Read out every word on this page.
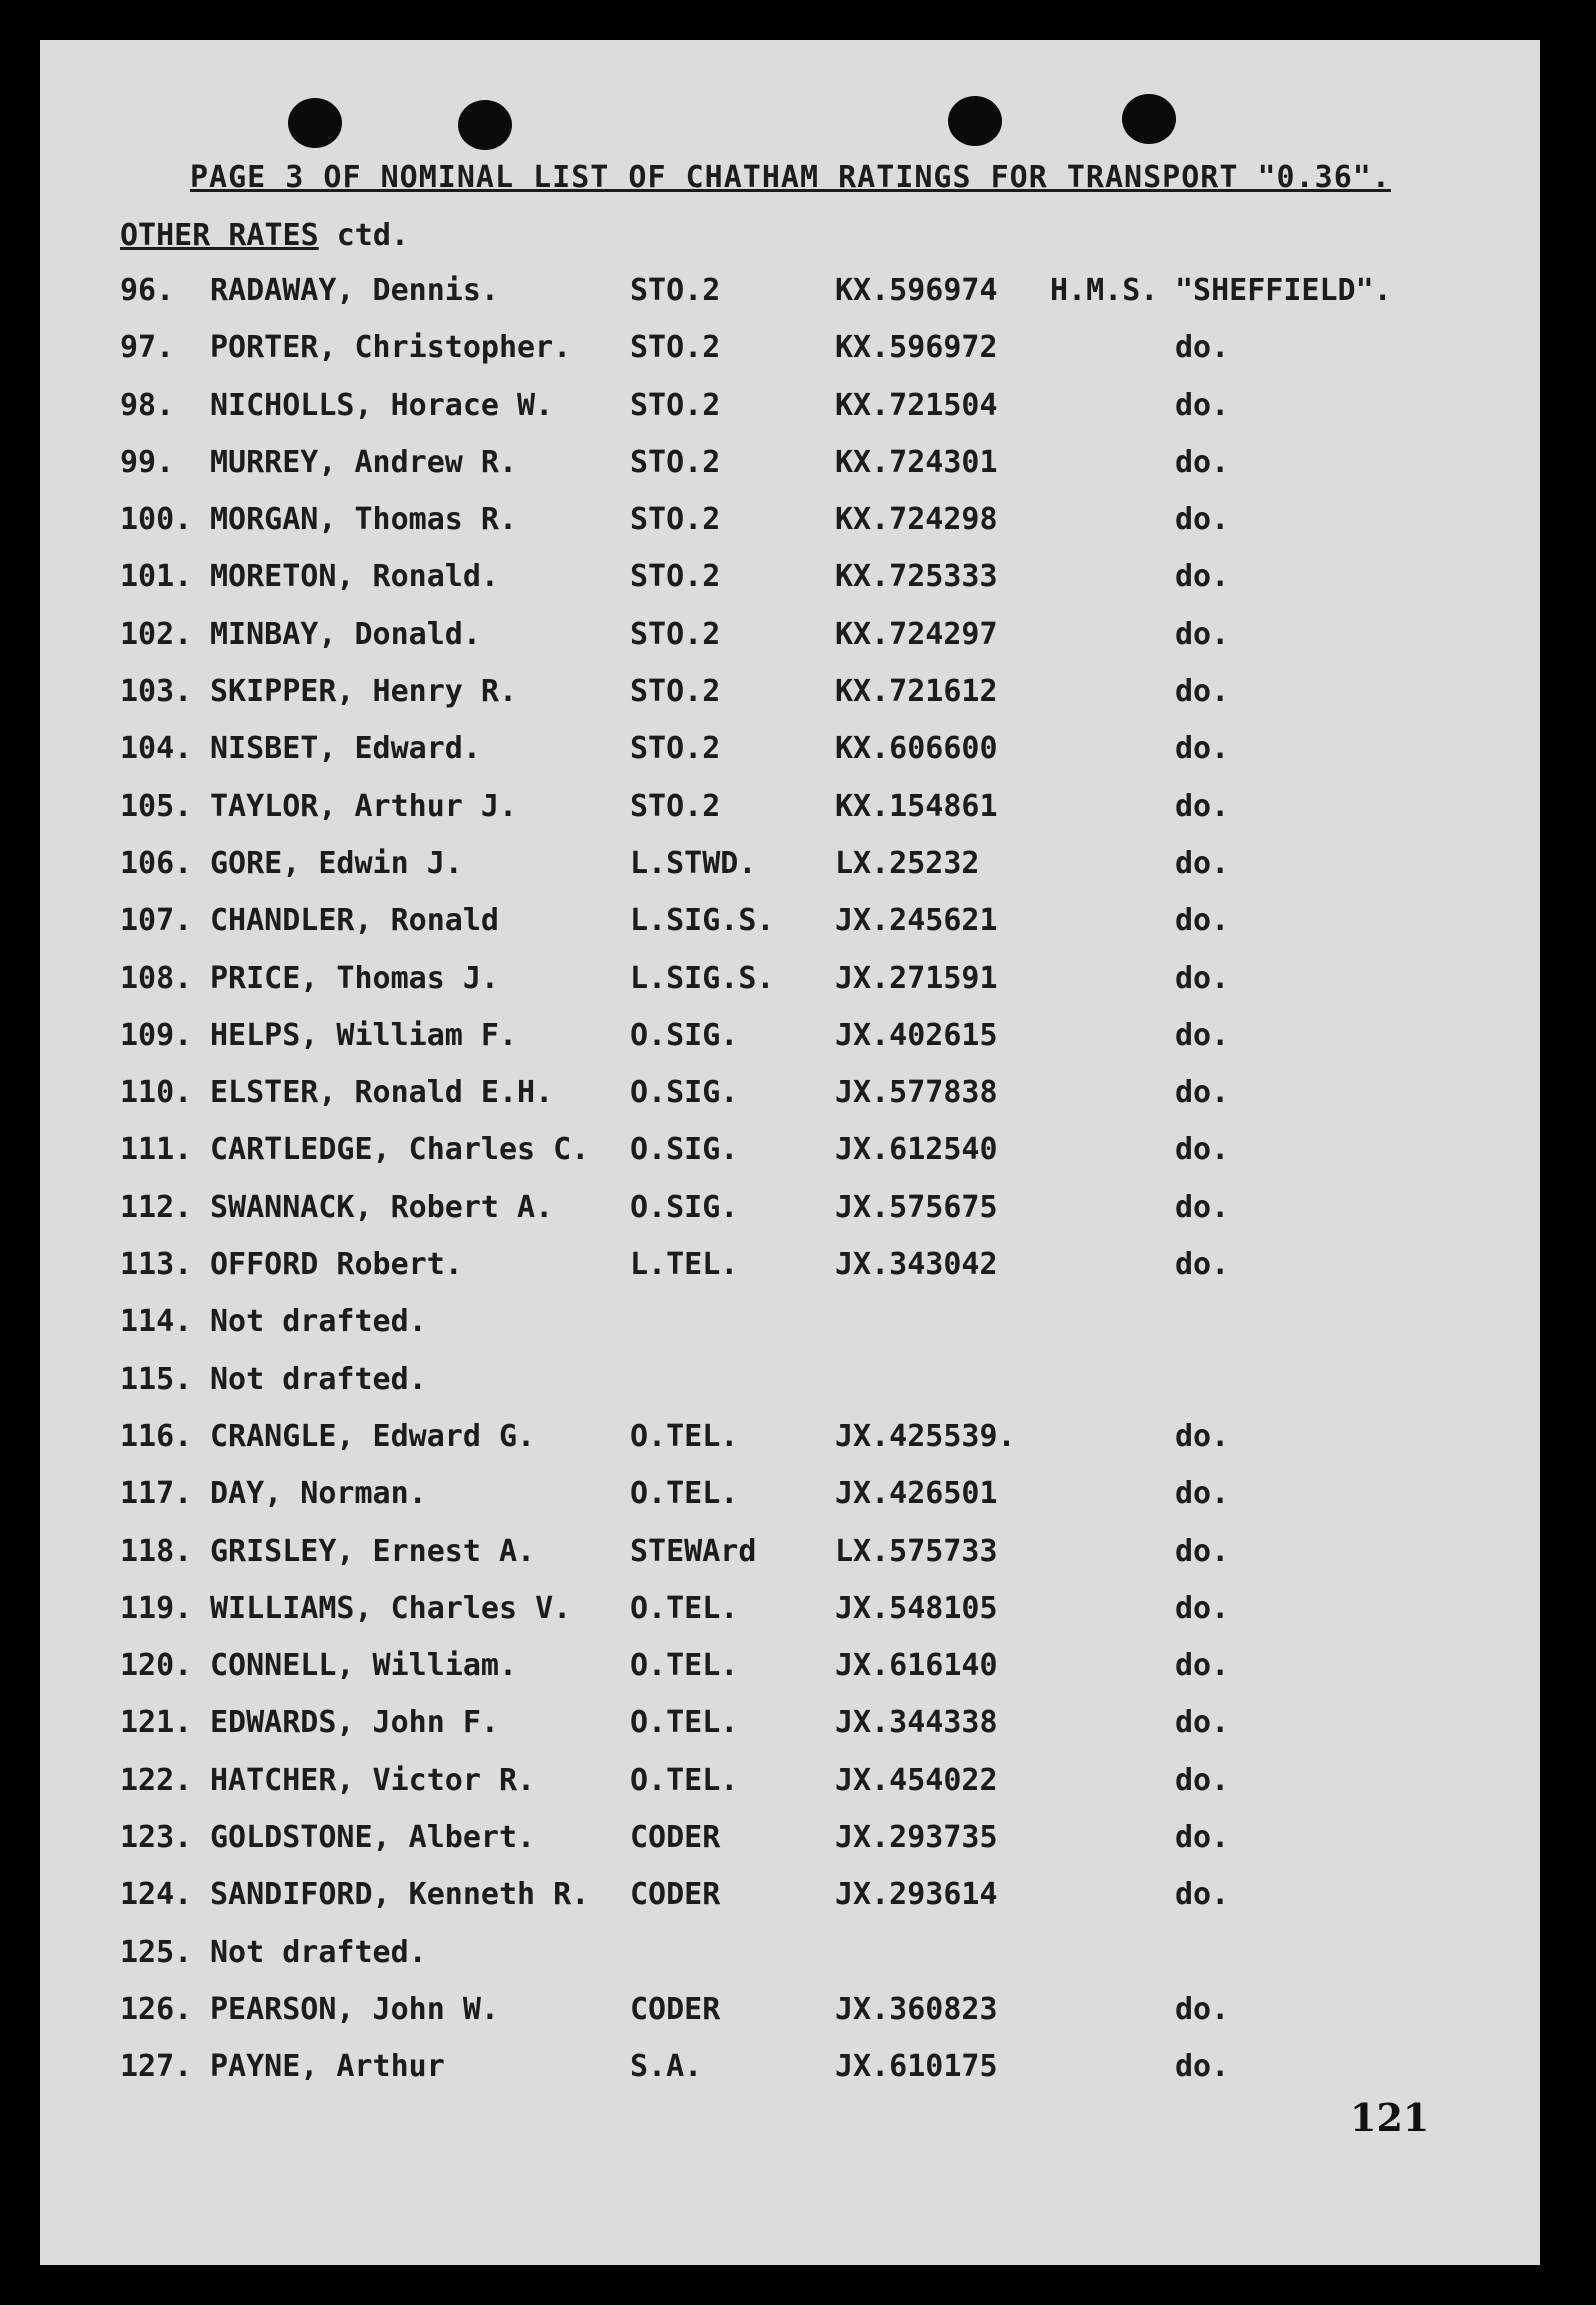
PAGE 3 OF NOMINAL LIST OF CHATHAM RATINGS FOR TRANSPORT "0.36".
OTHER RATES ctd.
96. RADAWAY, Dennis.	STO.2	KX.596974 H.M.S. "SHEFFIELD".
97. PORTER, Christopher. STO.2	KX.596972	do.
98. NICHOLLS, Horace W.	STO.2	KX.721504	do.
99. MURREY, Andrew R.	STO.2	KX.724301	do.
100. MORGAN, Thomas R.	STO.2	KX.724298	do.
101. MORETON, Ronald.	STO.2	KX.725333	do.
102. MINBAY, Donald.	STO.2	KX.724297	do.
103. SKIPPER, Henry R.	STO.2	KX.721612	do.
104. NISBET, Edward.	STO.2	KX.606600	do.
105. TAYLOR, Arthur J.	STO.2	KX.154861	do.
106. GORE, Edwin J.	L.STWD.	LX.25232	do.
107. CHANDLER, Ronald	L.SIG.S. JX.245621	do.
108. PRICE, Thomas J.	L.SIG.S. JX.271591	do.
109. HELPS, William F.	O.SIG.	JX.402615	do.
110. ELSTER, Ronald E.H.	O.SIG.	JX.577838	do.
111. CARTLEDGE, Charles C. O.SIG.	JX.612540	do.
112. SWANNACK, Robert A.	O.SIG.	JX.575675	do.
113. OFFORD Robert.	L.TEL.	JX.343042	do.
114. Not drafted.
115. Not drafted.
116. CRANGLE, Edward G.	O.TEL.	JX.425539.	do.
117. DAY, Norman.	O.TEL.	JX.426501	do.
118. GRISLEY, Ernest A.	STEWArd	LX.575733	do.
119. WILLIAMS, Charles V. O.TEL.	JX.548105	do.
120. CONNELL, William.	O.TEL.	JX.616140	do.
121. EDWARDS, John F.	O.TEL.	JX.344338	do.
122. HATCHER, Victor R.	O.TEL.	JX.454022	do.
123. GOLDSTONE, Albert.	CODER	JX.293735	do.
124. SANDIFORD, Kenneth R. CODER	JX.293614	do.
125. Not drafted.
126. PEARSON, John W.	CODER	JX.360823	do.
127. PAYNE, Arthur	S.A.	JX.610175	do.
121
